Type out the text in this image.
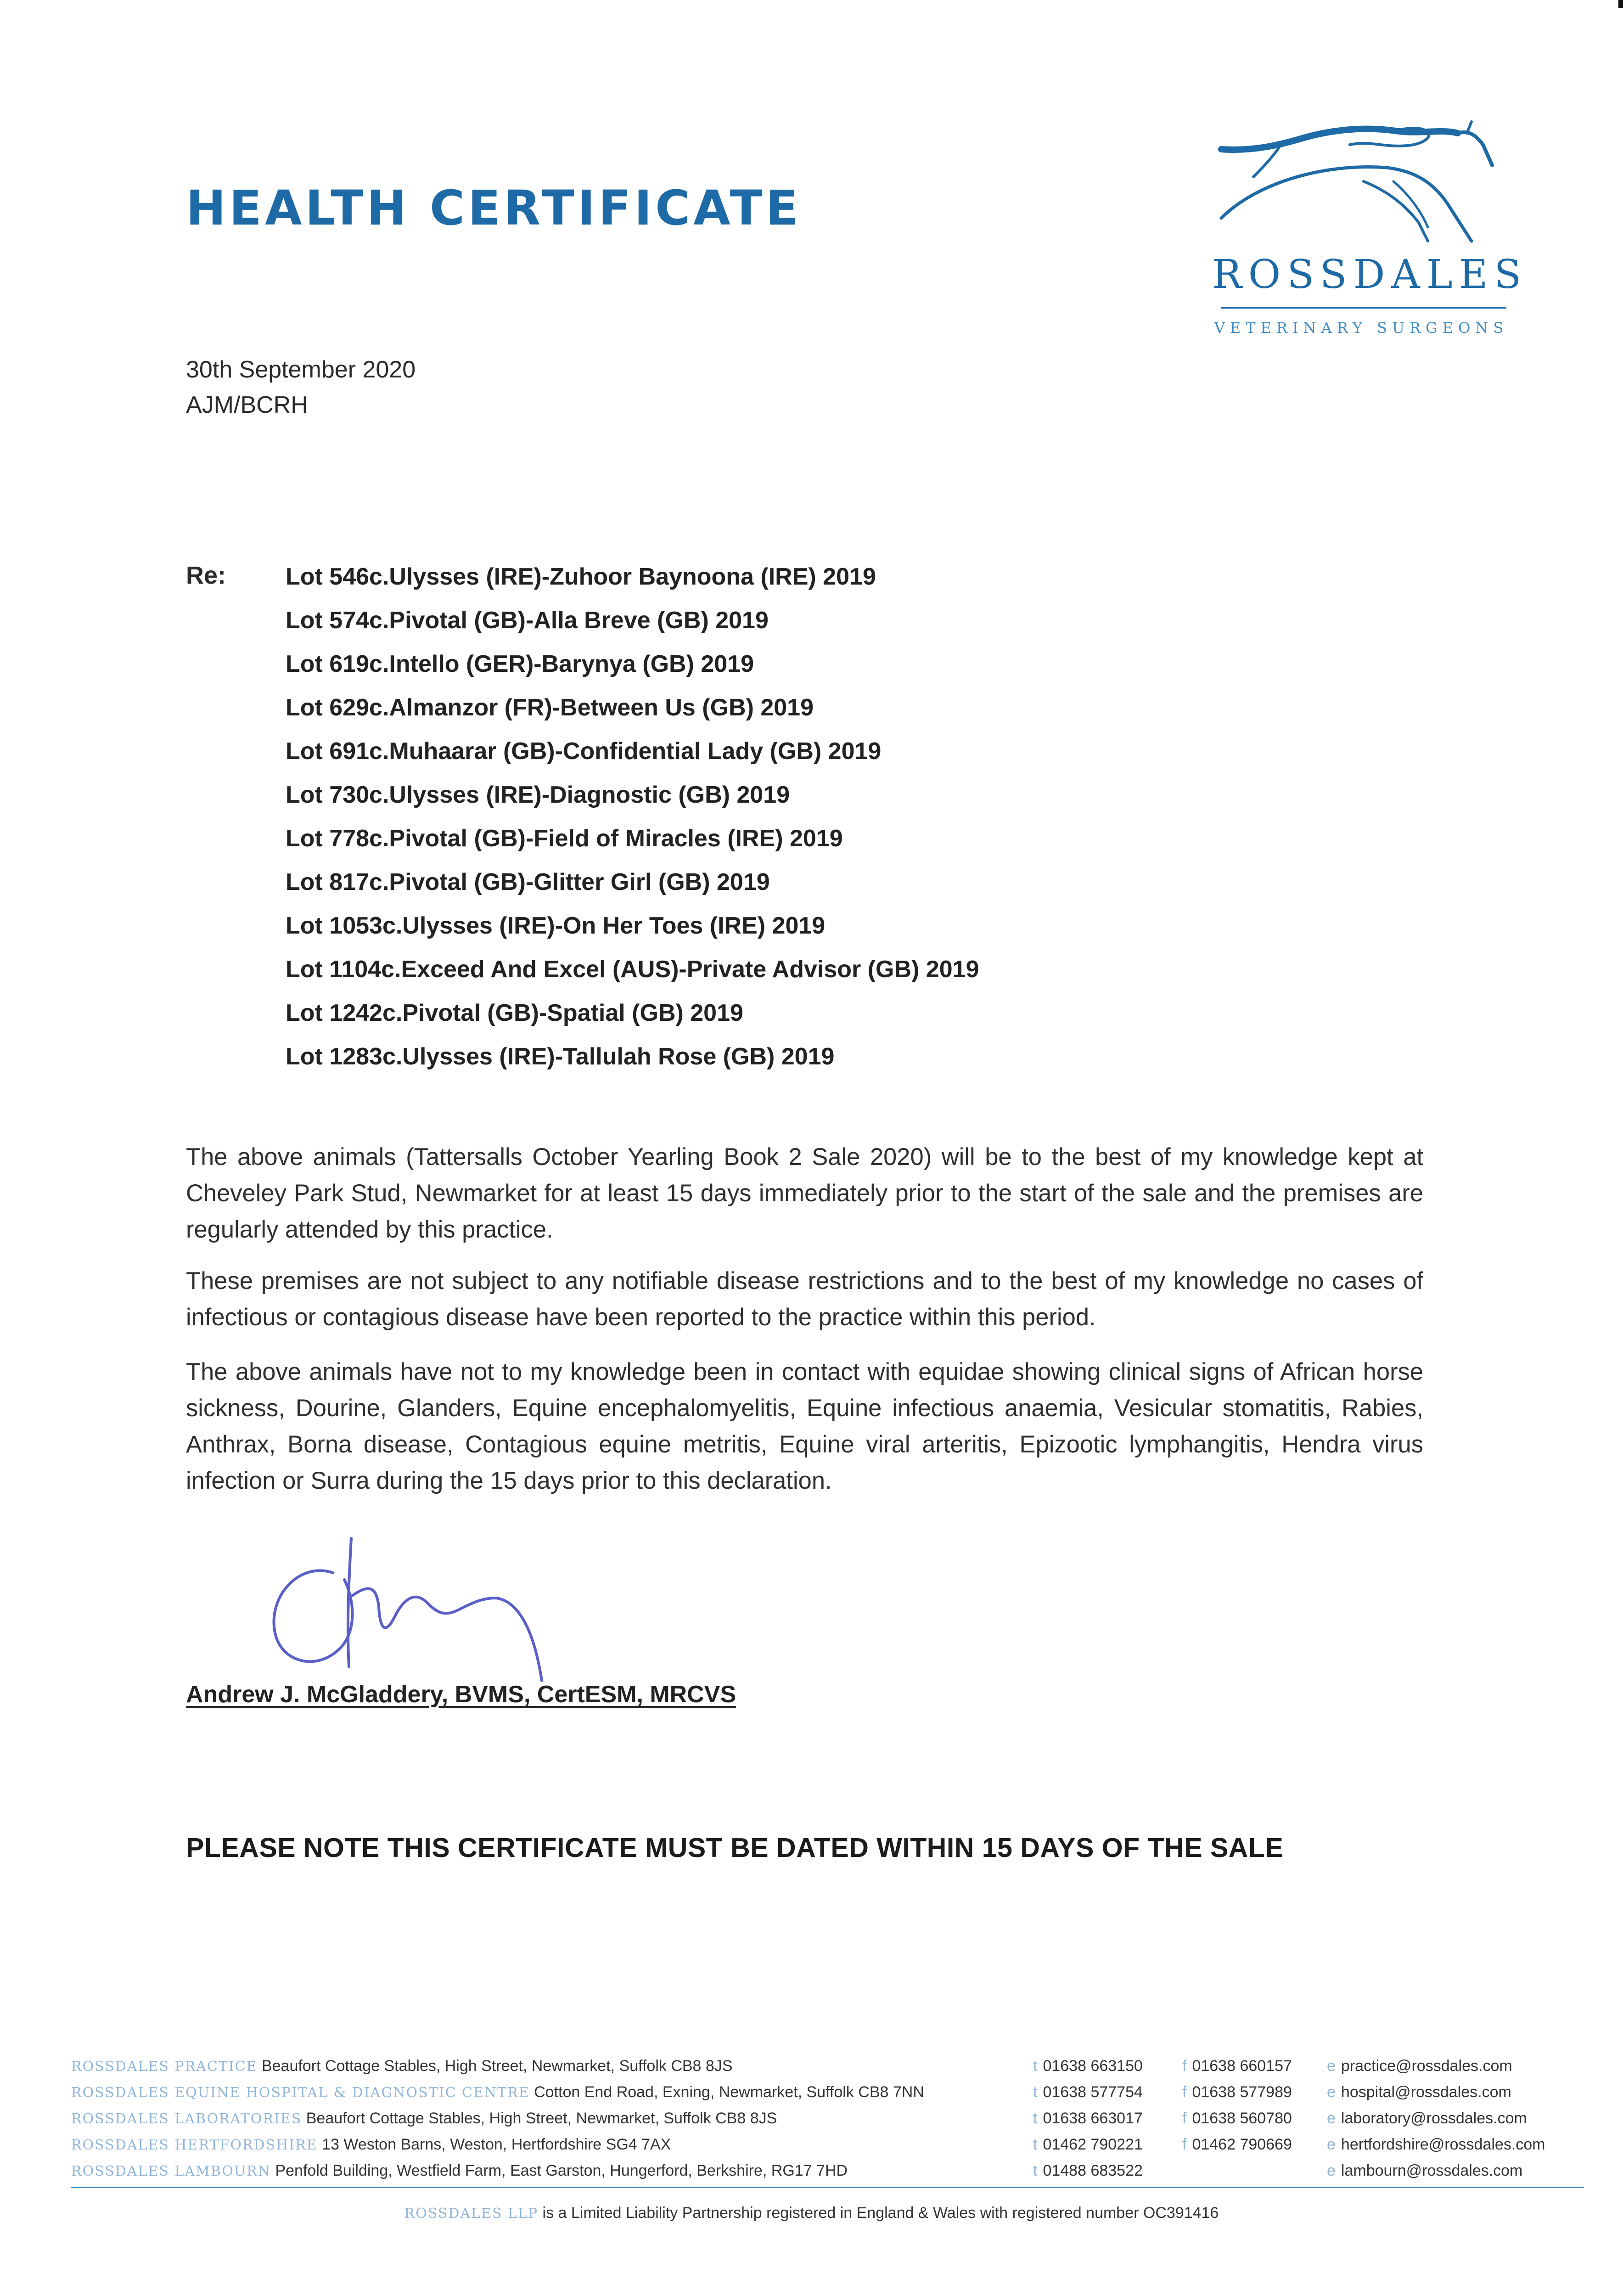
HEALTH CERTIFICATE
ROSSDALES
VETERINARY SURGEONS
30th September 2020
AJM/BCRH
Re: Lot 546c.Ulysses (IRE)-Zuhoor Baynoona (IRE) 2019
Lot 574c.Pivotal (GB)-Alla Breve (GB) 2019
Lot 619c.Intello (GER)-Barynya (GB) 2019
Lot 629c.Almanzor (FR)-Between Us (GB) 2019
Lot 691c.Muhaarar (GB)-Confidential Lady (GB) 2019
Lot 730c.Ulysses (IRE)-Diagnostic (GB) 2019
Lot 778c.Pivotal (GB)-Field of Miracles (IRE) 2019
Lot 817c.Pivotal (GB)-Glitter Girl (GB) 2019
Lot 1053c.Ulysses (IRE)-On Her Toes (IRE) 2019
Lot 1104c.Exceed And Excel (AUS)-Private Advisor (GB) 2019
Lot 1242c.Pivotal (GB)-Spatial (GB) 2019
Lot 1283c.Ulysses (IRE)-Tallulah Rose (GB) 2019
The above animals (Tattersalls October Yearling Book 2 Sale 2020) will be to the best of my knowledge kept at Cheveley Park Stud, Newmarket for at least 15 days immediately prior to the start of the sale and the premises are regularly attended by this practice.
These premises are not subject to any notifiable disease restrictions and to the best of my knowledge no cases of infectious or contagious disease have been reported to the practice within this period.
The above animals have not to my knowledge been in contact with equidae showing clinical signs of African horse sickness, Dourine, Glanders, Equine encephalomyelitis, Equine infectious anaemia, Vesicular stomatitis, Rabies, Anthrax, Borna disease, Contagious equine metritis, Equine viral arteritis, Epizootic lymphangitis, Hendra virus infection or Surra during the 15 days prior to this declaration.
Andrew J. McGladdery, BVMS, CertESM, MRCVS
PLEASE NOTE THIS CERTIFICATE MUST BE DATED WITHIN 15 DAYS OF THE SALE
ROSSDALES PRACTICE Beaufort Cottage Stables, High Street, Newmarket, Suffolk CB8 8JS
ROSSDALES EQUINE HOSPITAL & DIAGNOSTIC CENTRE Cotton End Road, Exning, Newmarket, Suffolk CB8 7NN
ROSSDALES LABORATORIES Beaufort Cottage Stables, High Street, Newmarket, Suffolk CB8 8JS
ROSSDALES HERTFORDSHIRE 13 Weston Barns, Weston, Hertfordshire SG4 7AX
ROSSDALES LAMBOURN Penfold Building, Westfield Farm, East Garston, Hungerford, Berkshire, RG17 7HD
t 01638 663150
t 01638 577754
t 01638 663017
t 01462 790221
t 01488 683522
f 01638 660157
f 01638 577989
f 01638 560780
f 01462 790669
e practice@rossdales.com
e hospital@rossdales.com
e laboratory@rossdales.com
e hertfordshire@rossdales.com
e lambourn@rossdales.com
ROSSDALES LLP is a Limited Liability Partnership registered in England & Wales with registered number OC391416
